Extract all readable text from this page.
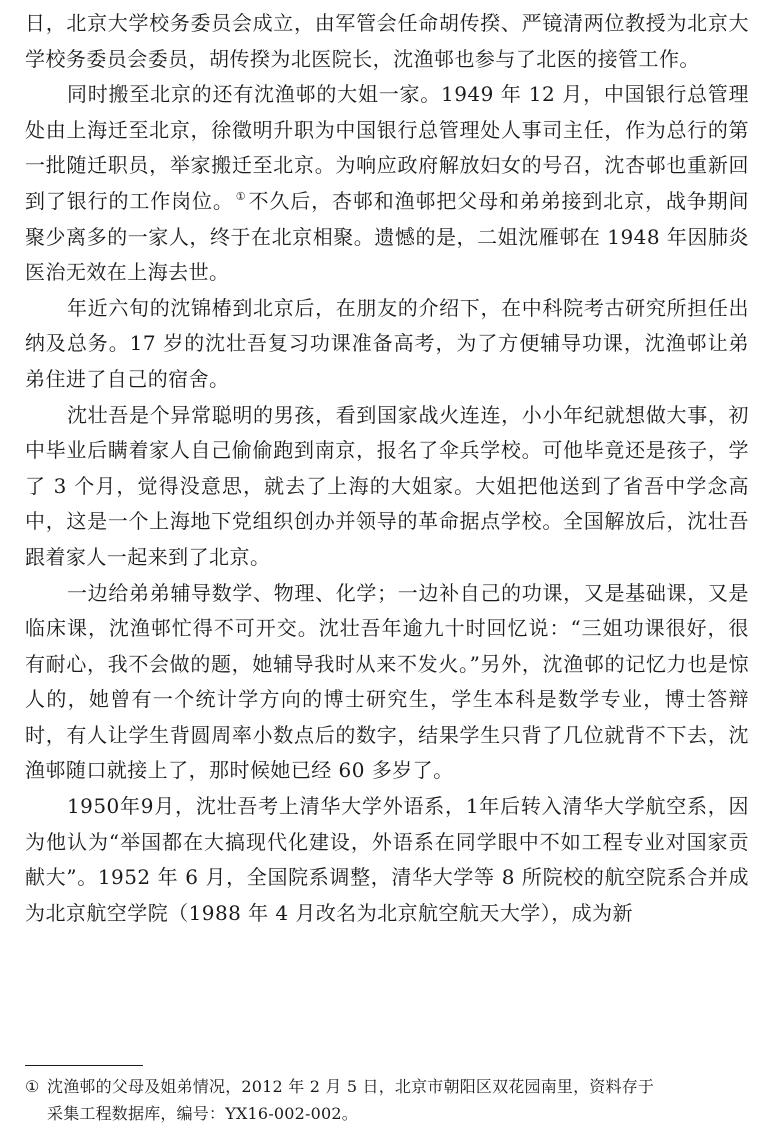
日，北京大学校务委员会成立，由军管会任命胡传揆、严镜清两位教授为北京大学校务委员会委员，胡传揆为北医院长，沈渔邨也参与了北医的接管工作。

同时搬至北京的还有沈渔邨的大姐一家。1949 年 12 月，中国银行总管理处由上海迁至北京，徐徵明升职为中国银行总管理处人事司主任，作为总行的第一批随迁职员，举家搬迁至北京。为响应政府解放妇女的号召，沈杏邨也重新回到了银行的工作岗位。 ① 不久后，杏邨和渔邨把父母和弟弟接到北京，战争期间聚少离多的一家人，终于在北京相聚。遗憾的是，二姐沈雁邨在 1948 年因肺炎医治无效在上海去世。

年近六旬的沈锦椿到北京后，在朋友的介绍下，在中科院考古研究所担任出纳及总务。17 岁的沈壮吾复习功课准备高考，为了方便辅导功课，沈渔邨让弟弟住进了自己的宿舍。

沈壮吾是个异常聪明的男孩，看到国家战火连连，小小年纪就想做大事，初中毕业后瞒着家人自己偷偷跑到南京，报名了伞兵学校。可他毕竟还是孩子，学了 3 个月，觉得没意思，就去了上海的大姐家。大姐把他送到了省吾中学念高中，这是一个上海地下党组织创办并领导的革命据点学校。全国解放后，沈壮吾跟着家人一起来到了北京。

一边给弟弟辅导数学、物理、化学；一边补自己的功课，又是基础课，又是临床课，沈渔邨忙得不可开交。沈壮吾年逾九十时回忆说：“三姐功课很好，很有耐心，我不会做的题，她辅导我时从来不发火。”另外，沈渔邨的记忆力也是惊人的，她曾有一个统计学方向的博士研究生，学生本科是数学专业，博士答辩时，有人让学生背圆周率小数点后的数字，结果学生只背了几位就背不下去，沈渔邨随口就接上了，那时候她已经 60 多岁了。

1950年9月，沈壮吾考上清华大学外语系，1年后转入清华大学航空系，因为他认为“举国都在大搞现代化建设，外语系在同学眼中不如工程专业对国家贡献大”。1952 年 6 月，全国院系调整，清华大学等 8 所院校的航空院系合并成为北京航空学院（1988 年 4 月改名为北京航空航天大学），成为新

① 沈渔邨的父母及姐弟情况，2012 年 2 月 5 日，北京市朝阳区双花园南里，资料存于
采集工程数据库，编号：YX16-002-002。
